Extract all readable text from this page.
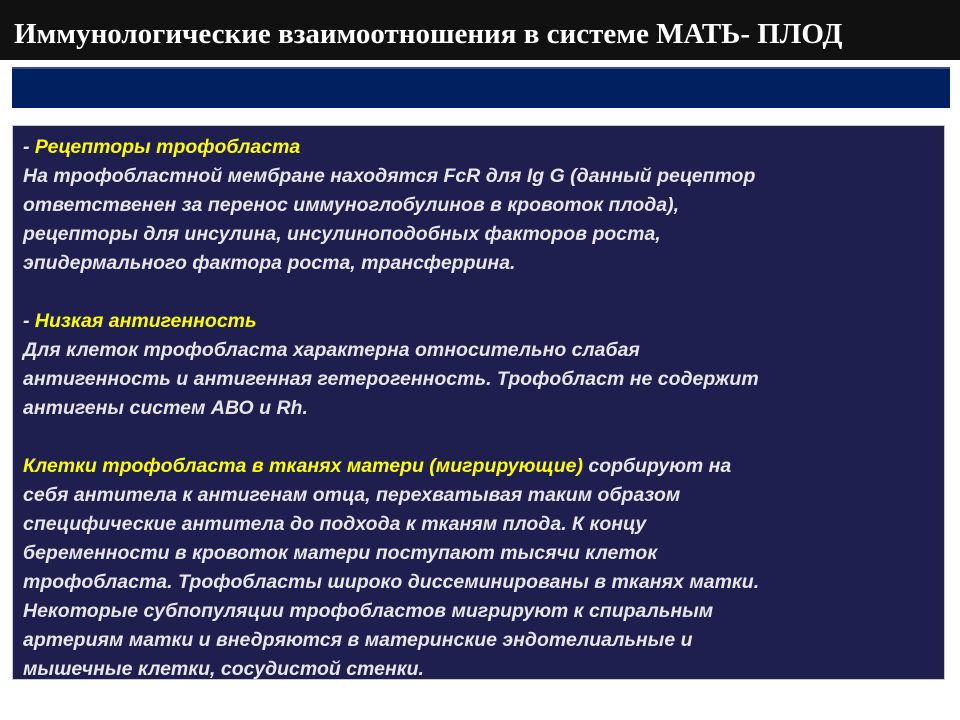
Иммунологические взаимоотношения в системе МАТЬ- ПЛОД

- Рецепторы трофобласта

На трофобластной мембране находятся FcR для Ig G (данный рецептор

ответственен за перенос иммуноглобулинов в кровоток плода),

рецепторы для инсулина, инсулиноподобных факторов роста,

эпидермального фактора роста, трансферрина.

- Низкая антигенность

Для клеток трофобласта характерна относительно слабая

антигенность и антигенная гетерогенность. Трофобласт не содержит

антигены систем АВО и Rh.

Клетки трофобласта в тканях матери (мигрирующие) сорбируют на

себя антитела к антигенам отца, перехватывая таким образом

специфические антитела до подхода к тканям плода. К концу

беременности в кровоток матери поступают тысячи клеток

трофобласта. Трофобласты широко диссеминированы в тканях матки.

Некоторые субпопуляции трофобластов мигрируют к спиральным

артериям матки и внедряются в материнские эндотелиальные и

мышечные клетки, сосудистой стенки.
